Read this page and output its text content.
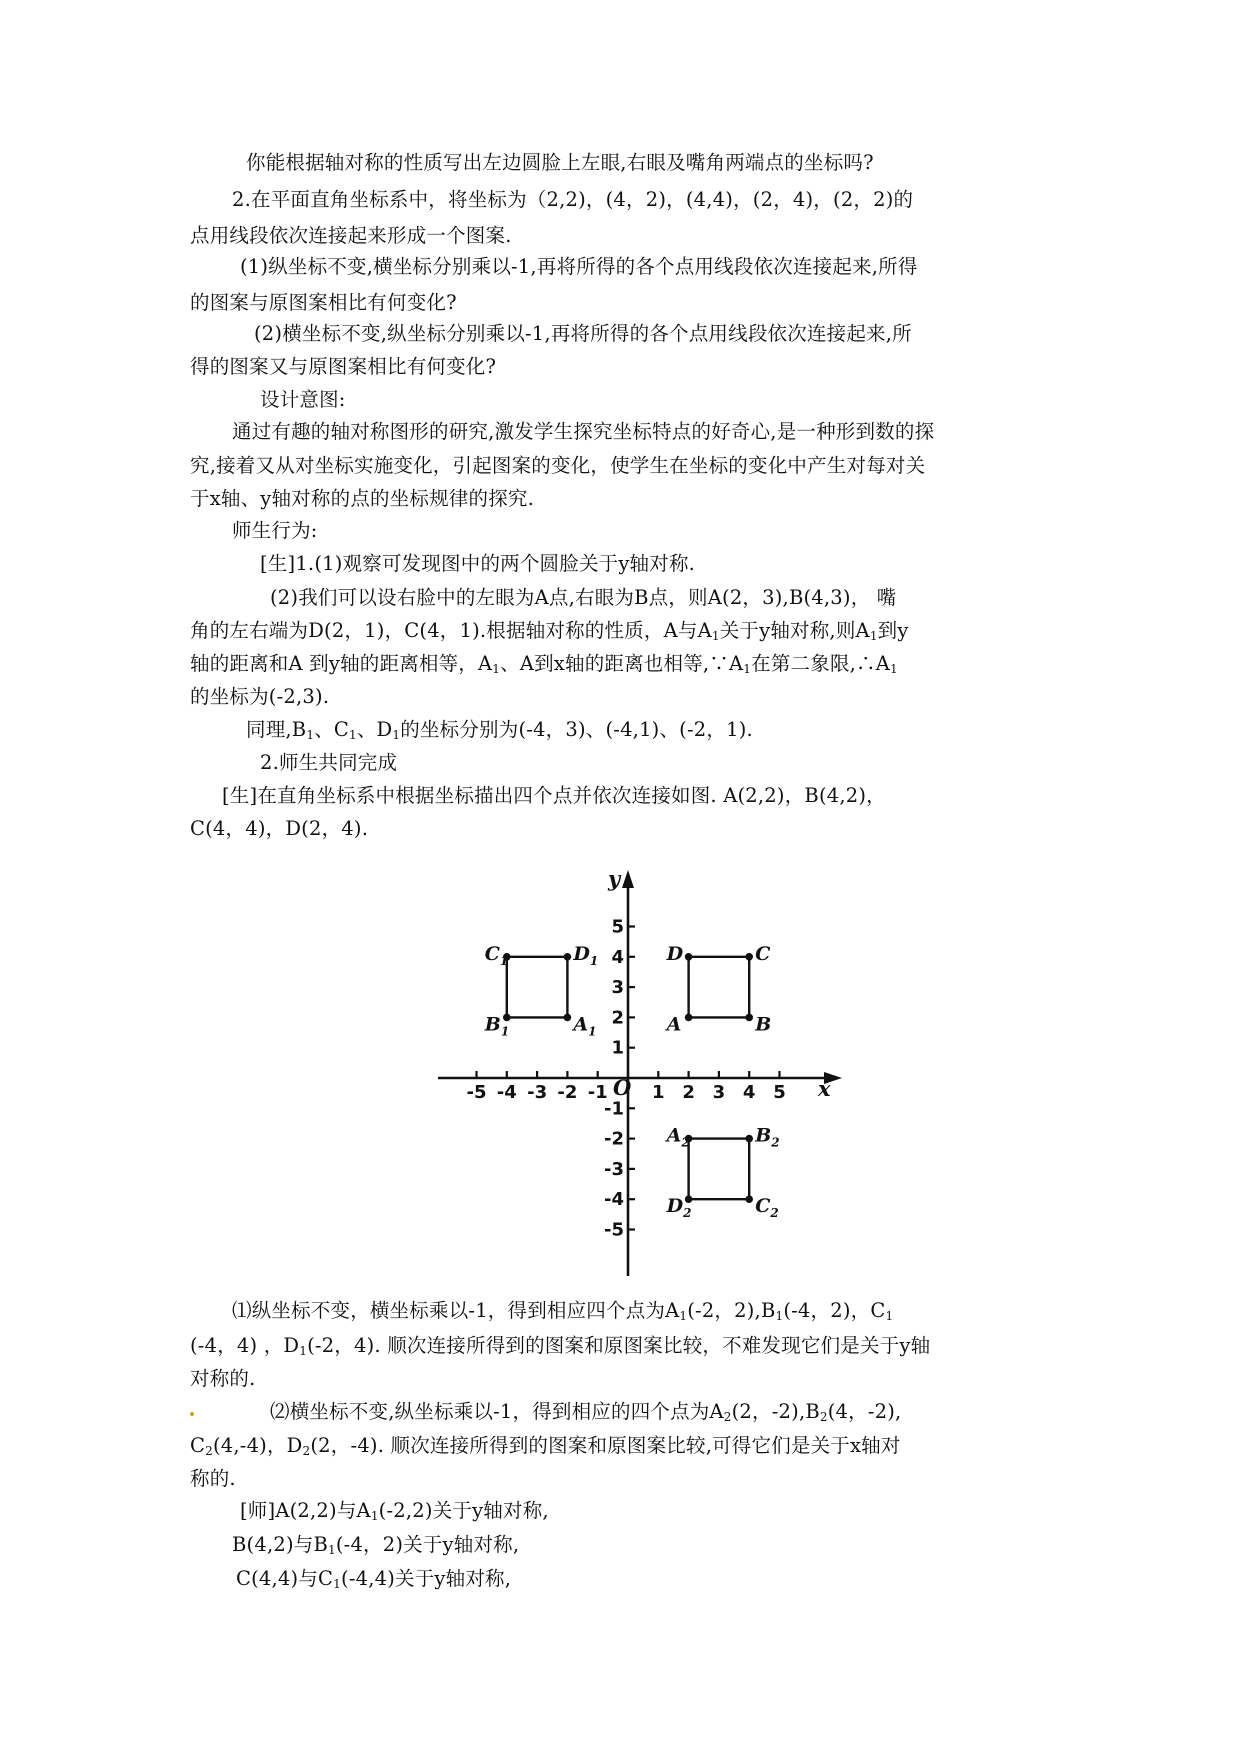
你能根据轴对称的性质写出左边圆脸上左眼,右眼及嘴角两端点的坐标吗?
2.在平面直角坐标系中，将坐标为（2,2)，(4，2)，(4,4)，(2，4)，(2，2)的
点用线段依次连接起来形成一个图案.
(1)纵坐标不变,横坐标分别乘以-1,再将所得的各个点用线段依次连接起来,所得
的图案与原图案相比有何变化?
(2)横坐标不变,纵坐标分别乘以-1,再将所得的各个点用线段依次连接起来,所
得的图案又与原图案相比有何变化?
设计意图:
通过有趣的轴对称图形的研究,激发学生探究坐标特点的好奇心,是一种形到数的探
究,接着又从对坐标实施变化，引起图案的变化，使学生在坐标的变化中产生对每对关
于x轴、y轴对称的点的坐标规律的探究.
师生行为:
[生]1.(1)观察可发现图中的两个圆脸关于y轴对称.
(2)我们可以设右脸中的左眼为A点,右眼为B点，则A(2，3),B(4,3)， 嘴
角的左右端为D(2，1)，C(4，1).根据轴对称的性质，A与$A_1$关于y轴对称,则$A_1$到y
轴的距离和A 到y轴的距离相等，$A_1$、A到x轴的距离也相等$,\because A_1$在第二象限$,\therefore A_1$
的坐标为(-2,3).
同理$,B_1$、$C_1$、$D_1$的坐标分别为(-4，3)、(-4,1)、(-2，1).
2.师生共同完成
[生]在直角坐标系中根据坐标描出四个点并依次连接如图. A(2,2)，B(4,2)，
C(4，4)，D(2，4).
x
y
O
-5 -4 -3 -2 -1 1 2 3 4 5
5
4
3
2
1
-1
-2
-3
-4
-5
A	B
C
D
$A_1$
$B_1$
$C_1$	$D_1$
$A_2$	$B_2$
$C_2$
$D_2$
⑴纵坐标不变，横坐标乘以-1，得到相应四个点为$A_1(-2$，$2),B_1(-4$，2)，$C_1$
(-4，4) ，$D_1(-2$，4). 顺次连接所得到的图案和原图案比较，不难发现它们是关于y轴
对称的.
⑵横坐标不变,纵坐标乘以-1，得到相应的四个点为$A_2(2$，$-2),B_2(4$，-2),
$C_2(4,-4)$，$D_2(2$，-4). 顺次连接所得到的图案和原图案比较,可得它们是关于x轴对
称的.
[师]A(2,2)与$A_1(-2,2)$关于y轴对称,
B(4,2)与$B_1(-4$，2)关于y轴对称,
C(4,4)与$C_1(-4,4)$关于y轴对称,
